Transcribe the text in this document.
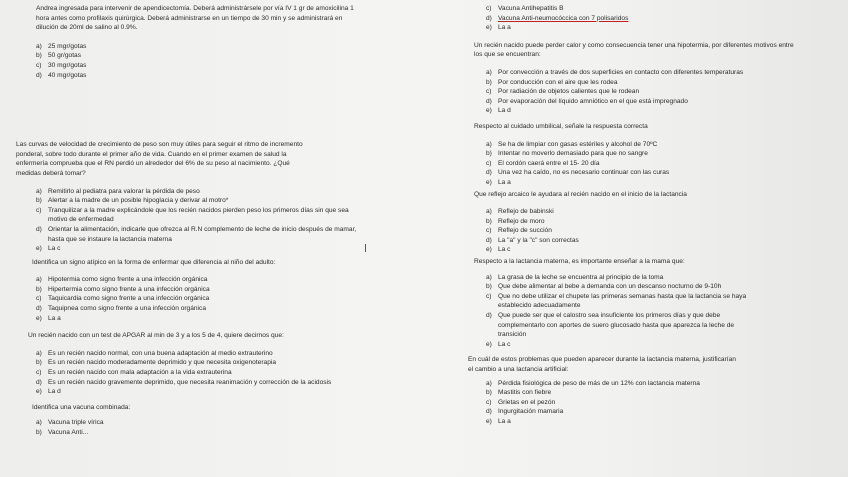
Andrea ingresada para intervenir de apendicectomía. Deberá administrársele por vía IV 1 gr de amoxicilina 1 hora antes como profilaxis quirúrgica. Deberá administrarse en un tiempo de 30 min y se administrará en dilución de 20ml de salino al 0.9%.

a) 25 mgr/gotas
b) 50 gr/gotas
c) 30 mgr/gotas
d) 40 mgr/gotas

Las curvas de velocidad de crecimiento de peso son muy útiles para seguir el ritmo de incremento ponderal, sobre todo durante el primer año de vida. Cuando en el primer examen de salud la enfermería comprueba que el RN perdió un alrededor del 6% de su peso al nacimiento. ¿Qué medidas deberá tomar?

a) Remitirlo al pediatra para valorar la pérdida de peso
b) Alertar a la madre de un posible hipoglacia y derivar al motro*
c) Tranquilizar a la madre explicándole que los recién nacidos pierden peso los primeros días sin que sea motivo de enfermedad
d) Orientar la alimentación, indicarle que ofrezca al R.N complemento de leche de inicio después de mamar, hasta que se instaure la lactancia materna
e) La c

Identifica un signo atípico en la forma de enfermar que diferencia al niño del adulto:

a) Hipotermia como signo frente a una infección orgánica
b) Hipertermia como signo frente a una infección orgánica
c) Taquicardia como signo frente a una infección orgánica
d) Taquipnea como signo frente a una infección orgánica
e) La a

Un recién nacido con un test de APGAR al min de 3 y a los 5 de 4, quiere decirnos que:

a) Es un recién nacido normal, con una buena adaptación al medio extrauterino
b) Es un recién nacido moderadamente deprimido y que necesita oxigenoterapia
c) Es un recién nacido con mala adaptación a la vida extrauterina
d) Es un recién nacido gravemente deprimido, que necesita reanimación y corrección de la acidosis
e) La d

Identifica una vacuna combinada:

a) Vacuna triple vírica
b) Vacuna Anti...
c) Vacuna Antihepatitis B
d) Vacuna Anti-neumocóccica con 7 polisaridos
e) La a

Un recién nacido puede perder calor y como consecuencia tener una hipotermia, por diferentes motivos entre los que se encuentran:

a) Por convección a través de dos superficies en contacto con diferentes temperaturas
b) Por conducción con el aire que les rodea
c) Por radiación de objetos calientes que le rodean
d) Por evaporación del líquido amniótico en el que está impregnado
e) La d

Respecto al cuidado umbilical, señale la respuesta correcta

a) Se ha de limpiar con gasas estériles y alcohol de 70ºC
b) Intentar no moverlo demasiado para que no sangre
c) El cordón caerá entre el 15- 20 día
d) Una vez ha caído, no es necesario continuar con las curas
e) La a

Que reflejo arcaico le ayudara al recién nacido en el inicio de la lactancia

a) Reflejo de babinski
b) Reflejo de moro
c) Reflejo de succión
d) La "a" y la "c" son correctas
e) La c

Respecto a la lactancia materna, es importante enseñar a la mama que:

a) La grasa de la leche se encuentra al principio de la toma
b) Que debe alimentar al bebe a demanda con un descanso nocturno de 9-10h
c) Que no debe utilizar el chupete las primeras semanas hasta que la lactancia se haya establecido adecuadamente
d) Que puede ser que el calostro sea insuficiente los primeros días y que debe complementarlo con aportes de suero glucosado hasta que aparezca la leche de transición
e) La c

En cuál de estos problemas que pueden aparecer durante la lactancia materna, justificarían el cambio a una lactancia artificial:

a) Pérdida fisiológica de peso de más de un 12% con lactancia materna
b) Mastitis con fiebre
c) Grietas en el pezón
d) Ingurgitación mamaria
e) La a
